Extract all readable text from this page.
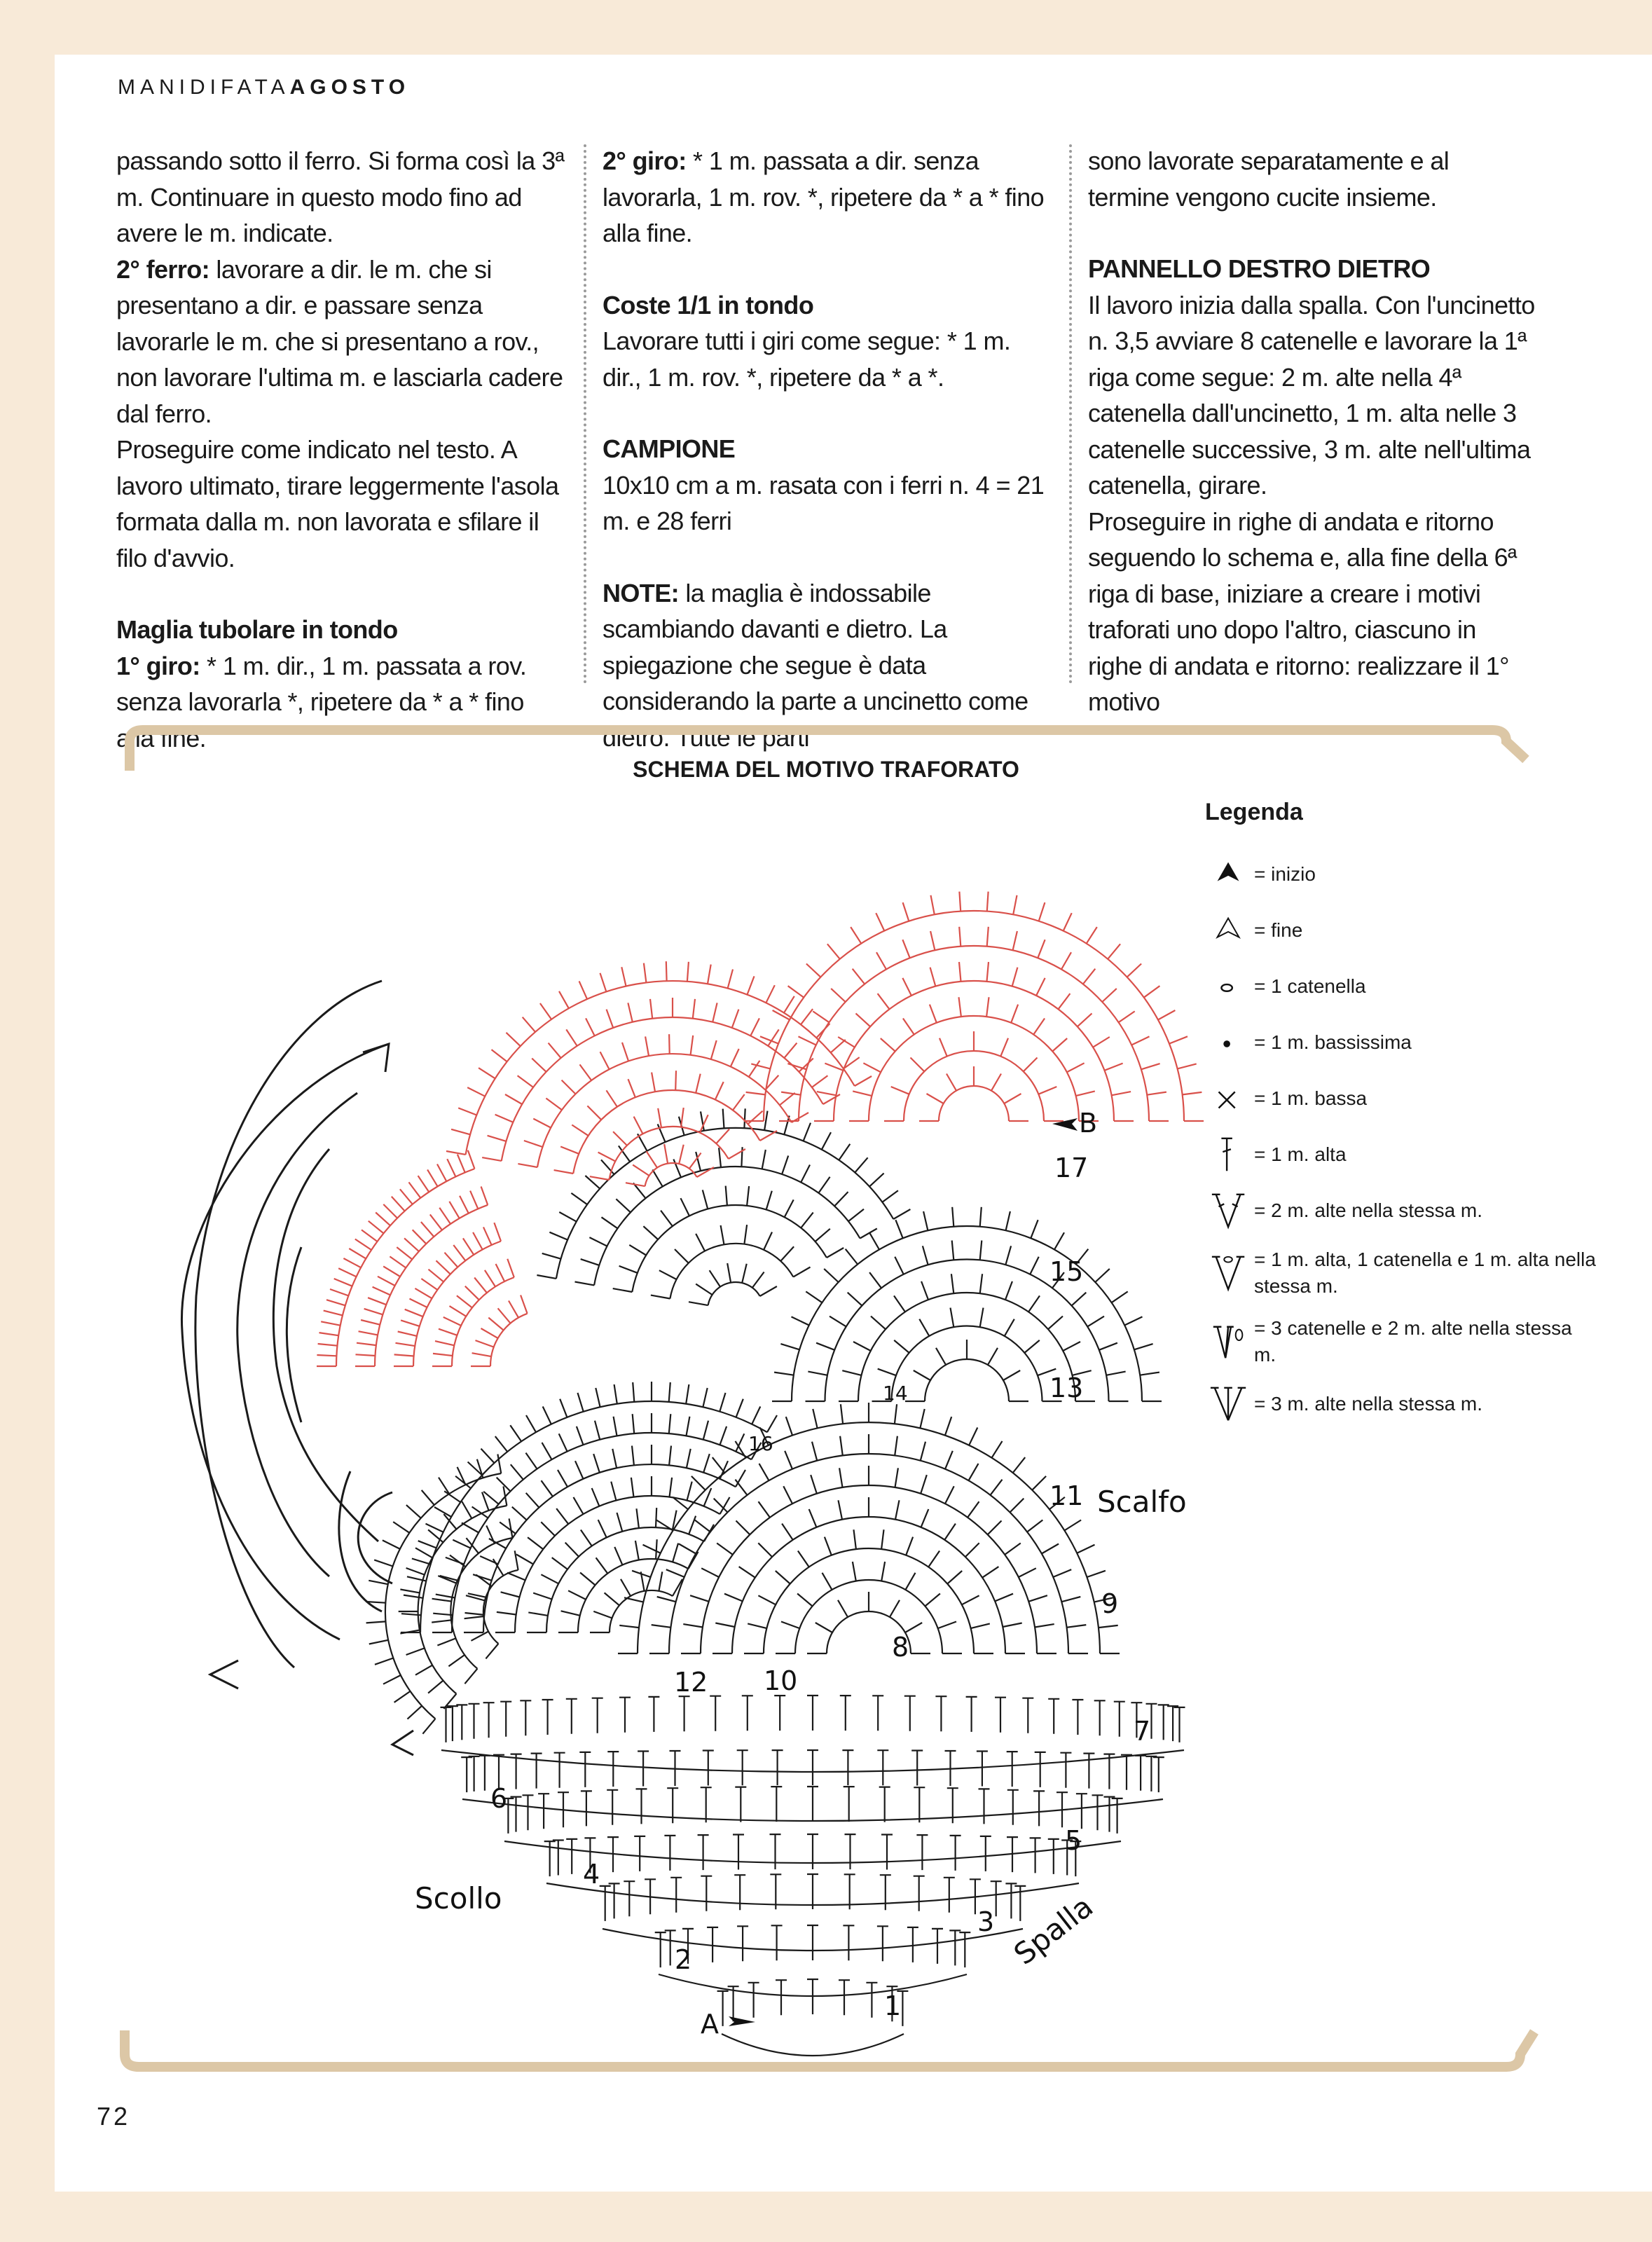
MANIDIFATAAGOSTO

passando sotto il ferro. Si forma così la 3ª m. Continuare in questo modo fino ad avere le m. indicate.

2° ferro: lavorare a dir. le m. che si presentano a dir. e passare senza lavorarle le m. che si presentano a rov., non lavorare l'ultima m. e lasciarla cadere dal ferro.

Proseguire come indicato nel testo. A lavoro ultimato, tirare leggermente l'asola formata dalla m. non lavorata e sfilare il filo d'avvio.

Maglia tubolare in tondo

1° giro: * 1 m. dir., 1 m. passata a rov. senza lavorarla *, ripetere da * a * fino alla fine.

2° giro: * 1 m. passata a dir. senza lavorarla, 1 m. rov. *, ripetere da * a * fino alla fine.

Coste 1/1 in tondo

Lavorare tutti i giri come segue: * 1 m. dir., 1 m. rov. *, ripetere da * a *.

CAMPIONE

10x10 cm a m. rasata con i ferri n. 4 = 21 m. e 28 ferri

NOTE: la maglia è indossabile scambiando davanti e dietro. La spiegazione che segue è data considerando la parte a uncinetto come dietro. Tutte le parti

sono lavorate separatamente e al termine vengono cucite insieme.

PANNELLO DESTRO DIETRO

Il lavoro inizia dalla spalla. Con l'uncinetto n. 3,5 avviare 8 catenelle e lavorare la 1ª riga come segue: 2 m. alte nella 4ª catenella dall'uncinetto, 1 m. alta nelle 3 catenelle successive, 3 m. alte nell'ultima catenella, girare.

Proseguire in righe di andata e ritorno seguendo lo schema e, alla fine della 6ª riga di base, iniziare a creare i motivi traforati uno dopo l'altro, ciascuno in righe di andata e ritorno: realizzare il 1° motivo

1
2
3
4
5
6
7
8
9
10
11
12
13
14
15
16
17
A
B
Scollo
Scalfo
Spalla
SCHEMA DEL MOTIVO TRAFORATO
Legenda
= inizio
= fine
= 1 catenella
= 1 m. bassissima
= 1 m. bassa
= 1 m. alta
= 2 m. alte nella stessa m.
= 1 m. alta, 1 catenella e 1 m. alta nella stessa m.
= 3 catenelle e 2 m. alte nella stessa m.
= 3 m. alte nella stessa m.
72
